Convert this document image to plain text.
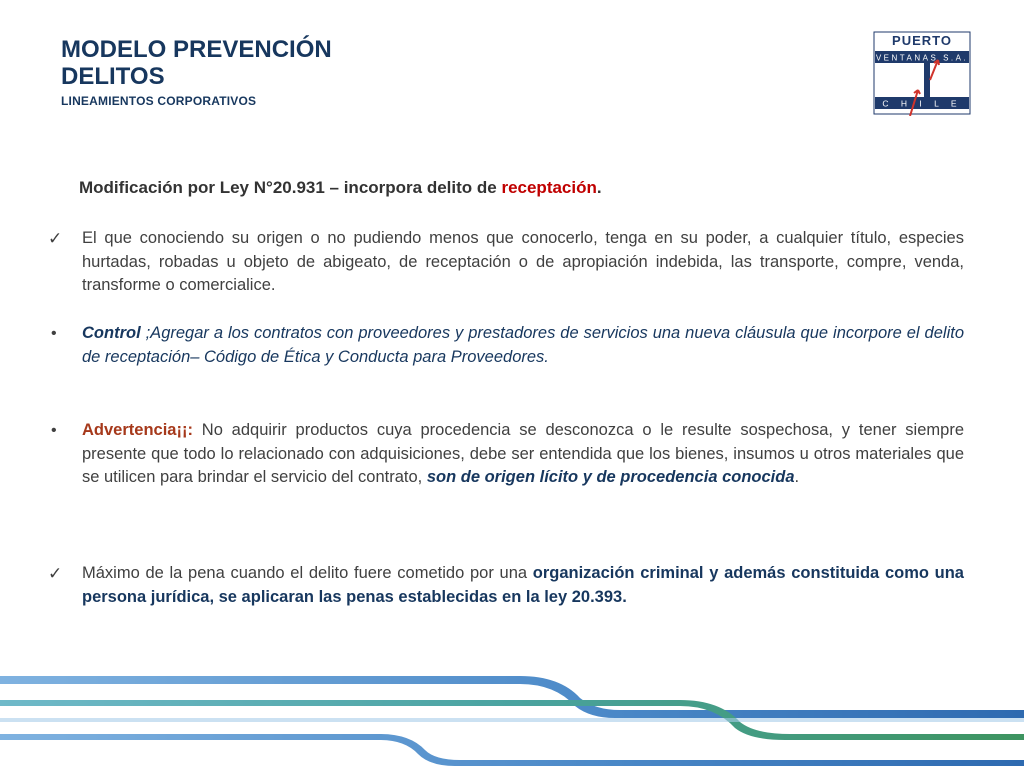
MODELO PREVENCIÓN
DELITOS
LINEAMIENTOS CORPORATIVOS
PUERTO
VENTANAS S.A.
C H I L E
Modificación por Ley N°20.931 – incorpora delito de receptación.
✓	El que conociendo su origen o no pudiendo menos que conocerlo, tenga en su poder, a cualquier título, especies hurtadas, robadas u objeto de abigeato, de receptación o de apropiación indebida, las transporte, compre, venda, transforme o comercialice.
•	Control ;Agregar a los contratos con proveedores y prestadores de servicios una nueva cláusula que incorpore el delito de receptación– Código de Ética y Conducta para Proveedores.
•	Advertencia¡¡: No adquirir productos cuya procedencia se desconozca o le resulte sospechosa, y tener siempre presente que todo lo relacionado con adquisiciones, debe ser entendida que los bienes, insumos u otros materiales que se utilicen para brindar el servicio del contrato, son de origen lícito y de procedencia conocida.
✓	Máximo de la pena cuando el delito fuere cometido por una organización criminal y además constituida como una persona jurídica, se aplicaran las penas establecidas en la ley 20.393.
